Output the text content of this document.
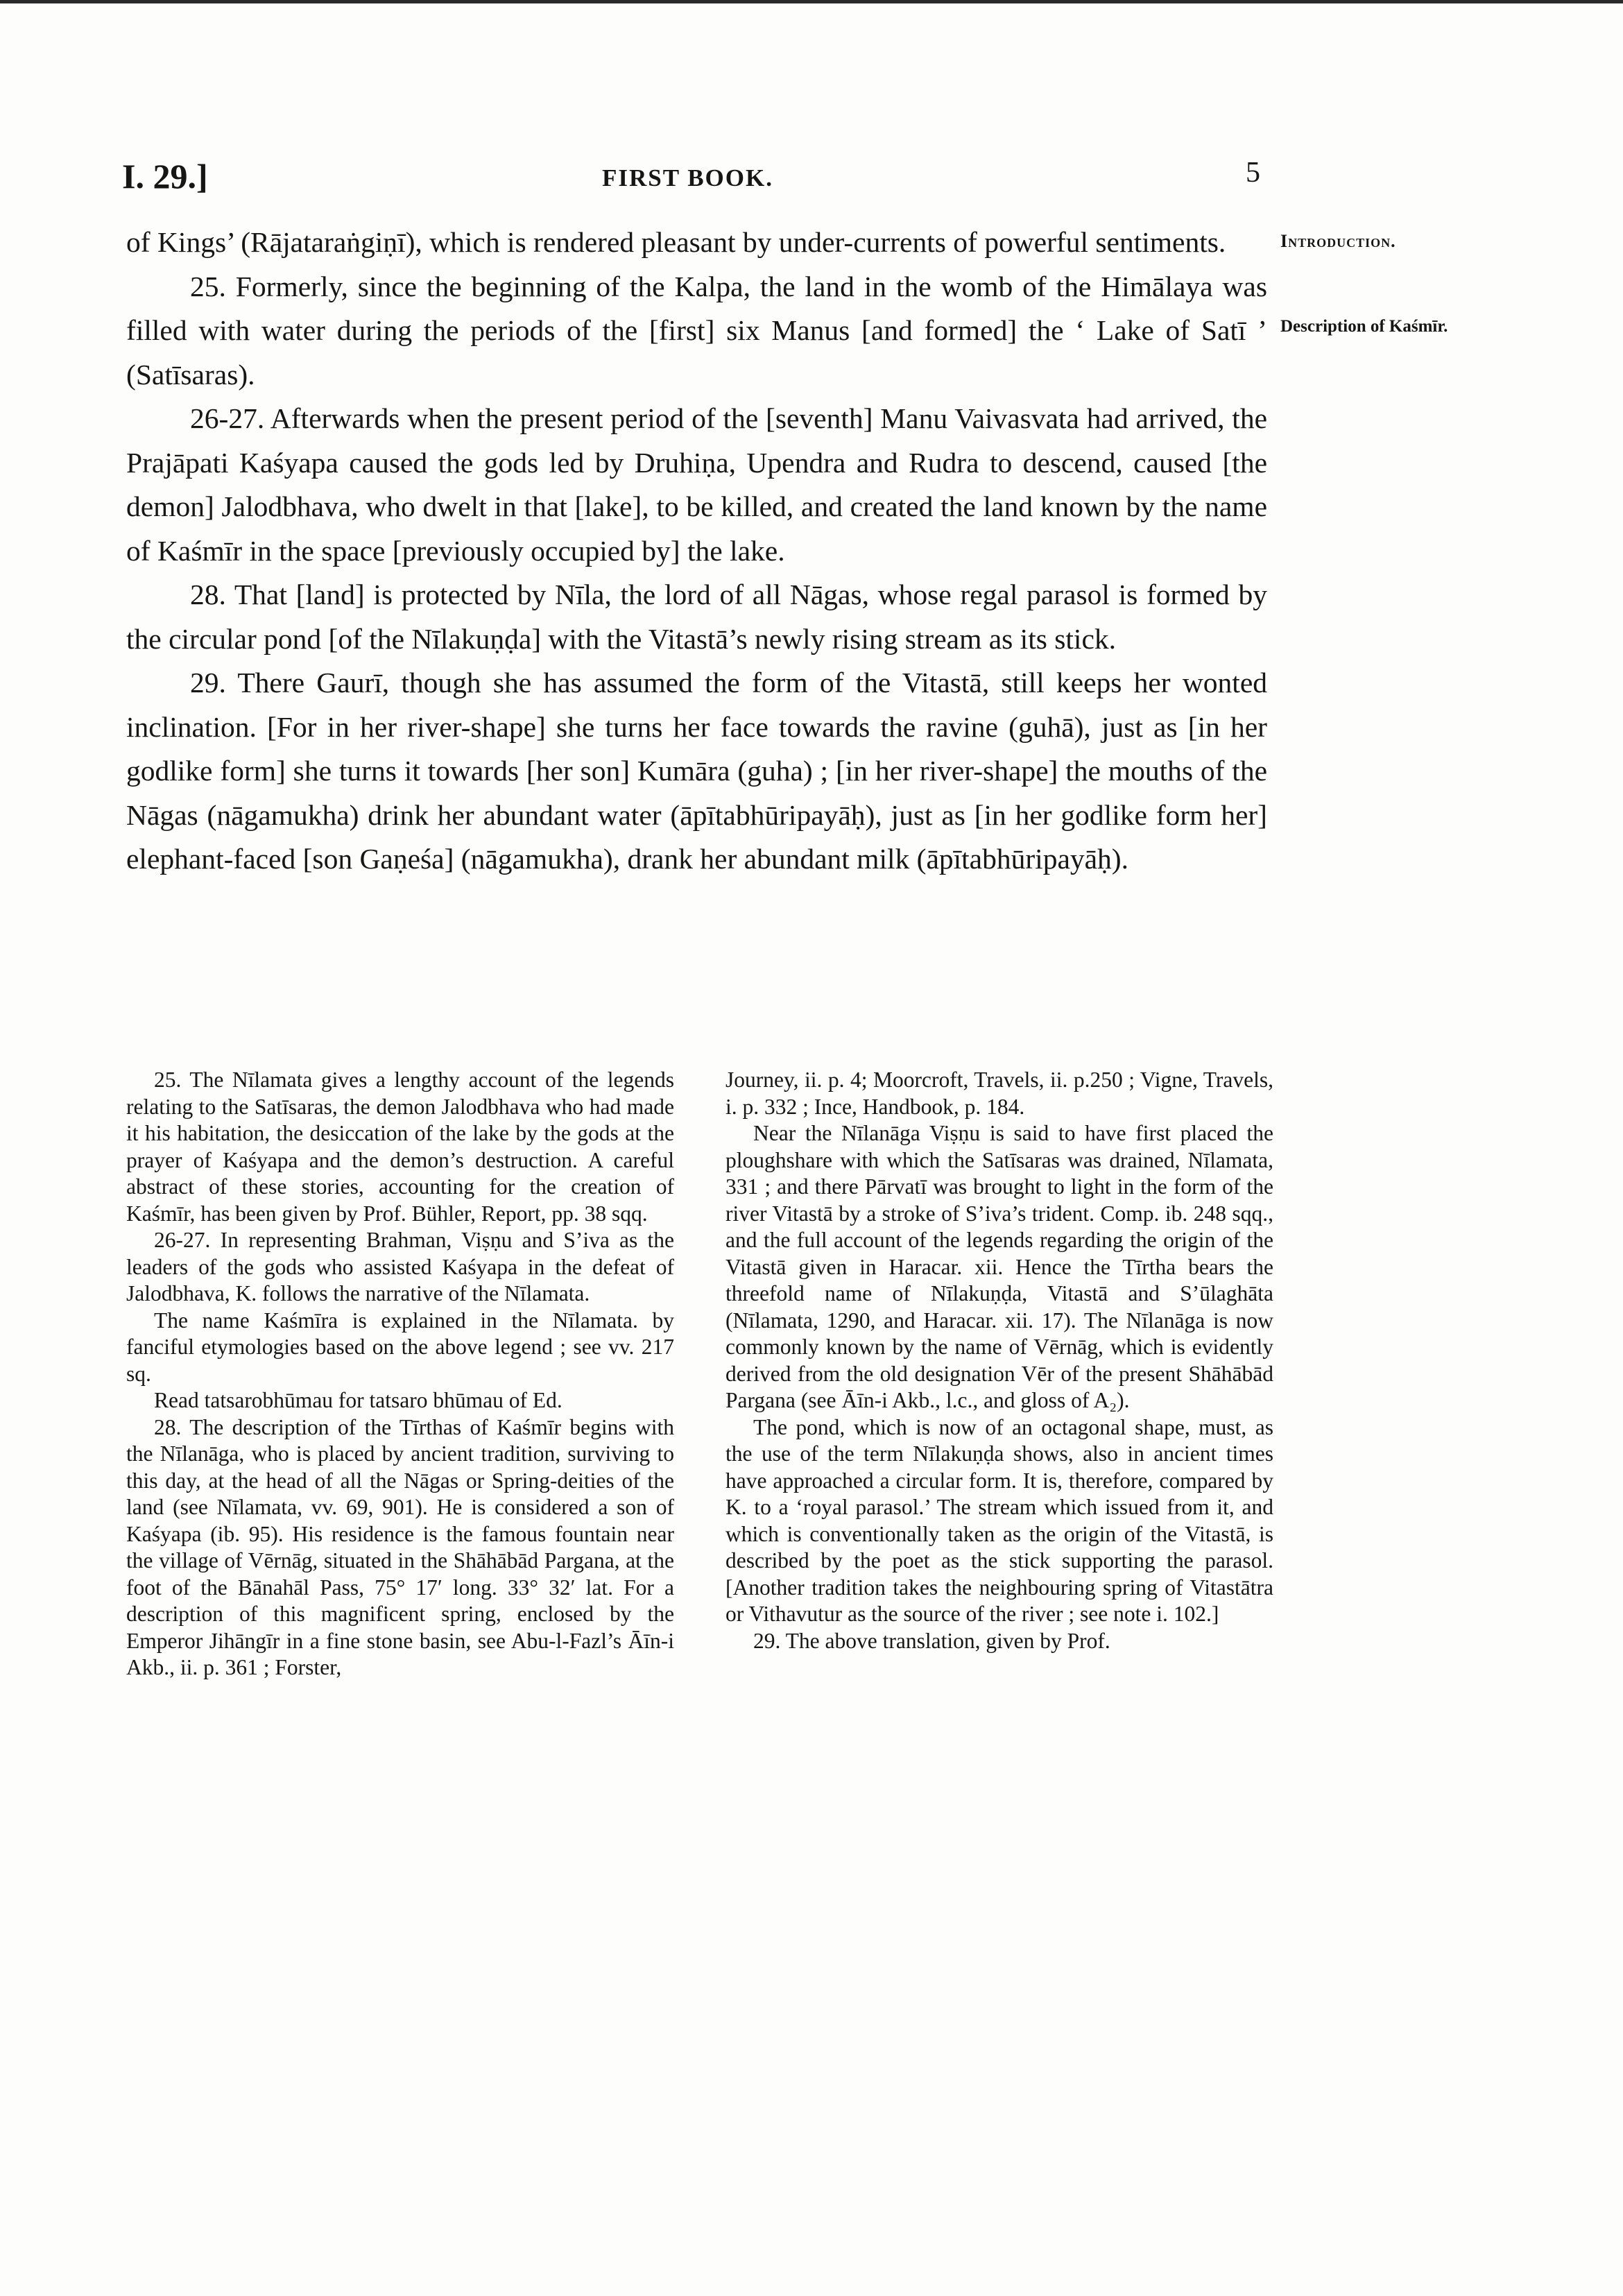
I. 29.]	FIRST BOOK.	5
Introduction.
Description of Kaśmīr.

of Kings’ (Rājataraṅgiṇī), which is rendered pleasant by under-currents of powerful sentiments.

25. Formerly, since the beginning of the Kalpa, the land in the womb of the Himālaya was filled with water during the periods of the [first] six Manus [and formed] the ‘ Lake of Satī ’ (Satīsaras).

26-27. Afterwards when the present period of the [seventh] Manu Vaivasvata had arrived, the Prajāpati Kaśyapa caused the gods led by Druhiṇa, Upendra and Rudra to descend, caused [the demon] Jalodbhava, who dwelt in that [lake], to be killed, and created the land known by the name of Kaśmīr in the space [previously occupied by] the lake.

28. That [land] is protected by Nīla, the lord of all Nāgas, whose regal parasol is formed by the circular pond [of the Nīlakuṇḍa] with the Vitastā’s newly rising stream as its stick.

29. There Gaurī, though she has assumed the form of the Vitastā, still keeps her wonted inclination. [For in her river-shape] she turns her face towards the ravine (guhā), just as [in her godlike form] she turns it towards [her son] Kumāra (guha) ; [in her river-shape] the mouths of the Nāgas (nāgamukha) drink her abundant water (āpītabhūripayāḥ), just as [in her godlike form her] elephant-faced [son Gaṇeśa] (nāgamukha), drank her abundant milk (āpītabhūripayāḥ).

25. The Nīlamata gives a lengthy account of the legends relating to the Satīsaras, the demon Jalodbhava who had made it his habitation, the desiccation of the lake by the gods at the prayer of Kaśyapa and the demon’s destruction. A careful abstract of these stories, accounting for the creation of Kaśmīr, has been given by Prof. Bühler, Report, pp. 38 sqq.

26-27. In representing Brahman, Viṣṇu and S’iva as the leaders of the gods who assisted Kaśyapa in the defeat of Jalodbhava, K. follows the narrative of the Nīlamata.

The name Kaśmīra is explained in the Nīlamata. by fanciful etymologies based on the above legend ; see vv. 217 sq.

Read tatsarobhūmau for tatsaro bhūmau of Ed.

28. The description of the Tīrthas of Kaśmīr begins with the Nīlanāga, who is placed by ancient tradition, surviving to this day, at the head of all the Nāgas or Spring-deities of the land (see Nīlamata, vv. 69, 901). He is considered a son of Kaśyapa (ib. 95). His residence is the famous fountain near the village of Vērnāg, situated in the Shāhābād Pargana, at the foot of the Bānahāl Pass, 75° 17′ long. 33° 32′ lat. For a description of this magnificent spring, enclosed by the Emperor Jihāngīr in a fine stone basin, see Abu-l-Fazl’s Āīn-i Akb., ii. p. 361 ; Forster,

Journey, ii. p. 4; Moorcroft, Travels, ii. p.250 ; Vigne, Travels, i. p. 332 ; Ince, Handbook, p. 184.

Near the Nīlanāga Viṣṇu is said to have first placed the ploughshare with which the Satīsaras was drained, Nīlamata, 331 ; and there Pārvatī was brought to light in the form of the river Vitastā by a stroke of S’iva’s trident. Comp. ib. 248 sqq., and the full account of the legends regarding the origin of the Vitastā given in Haracar. xii. Hence the Tīrtha bears the threefold name of Nīlakuṇḍa, Vitastā and S’ūlaghāta (Nīlamata, 1290, and Haracar. xii. 17). The Nīlanāga is now commonly known by the name of Vērnāg, which is evidently derived from the old designation Vēr of the present Shāhābād Pargana (see Āīn-i Akb., l.c., and gloss of A₂).

The pond, which is now of an octagonal shape, must, as the use of the term Nīlakuṇḍa shows, also in ancient times have approached a circular form. It is, therefore, compared by K. to a ‘royal parasol.’ The stream which issued from it, and which is conventionally taken as the origin of the Vitastā, is described by the poet as the stick supporting the parasol. [Another tradition takes the neighbouring spring of Vitastātra or Vithavutur as the source of the river ; see note i. 102.]

29. The above translation, given by Prof.
